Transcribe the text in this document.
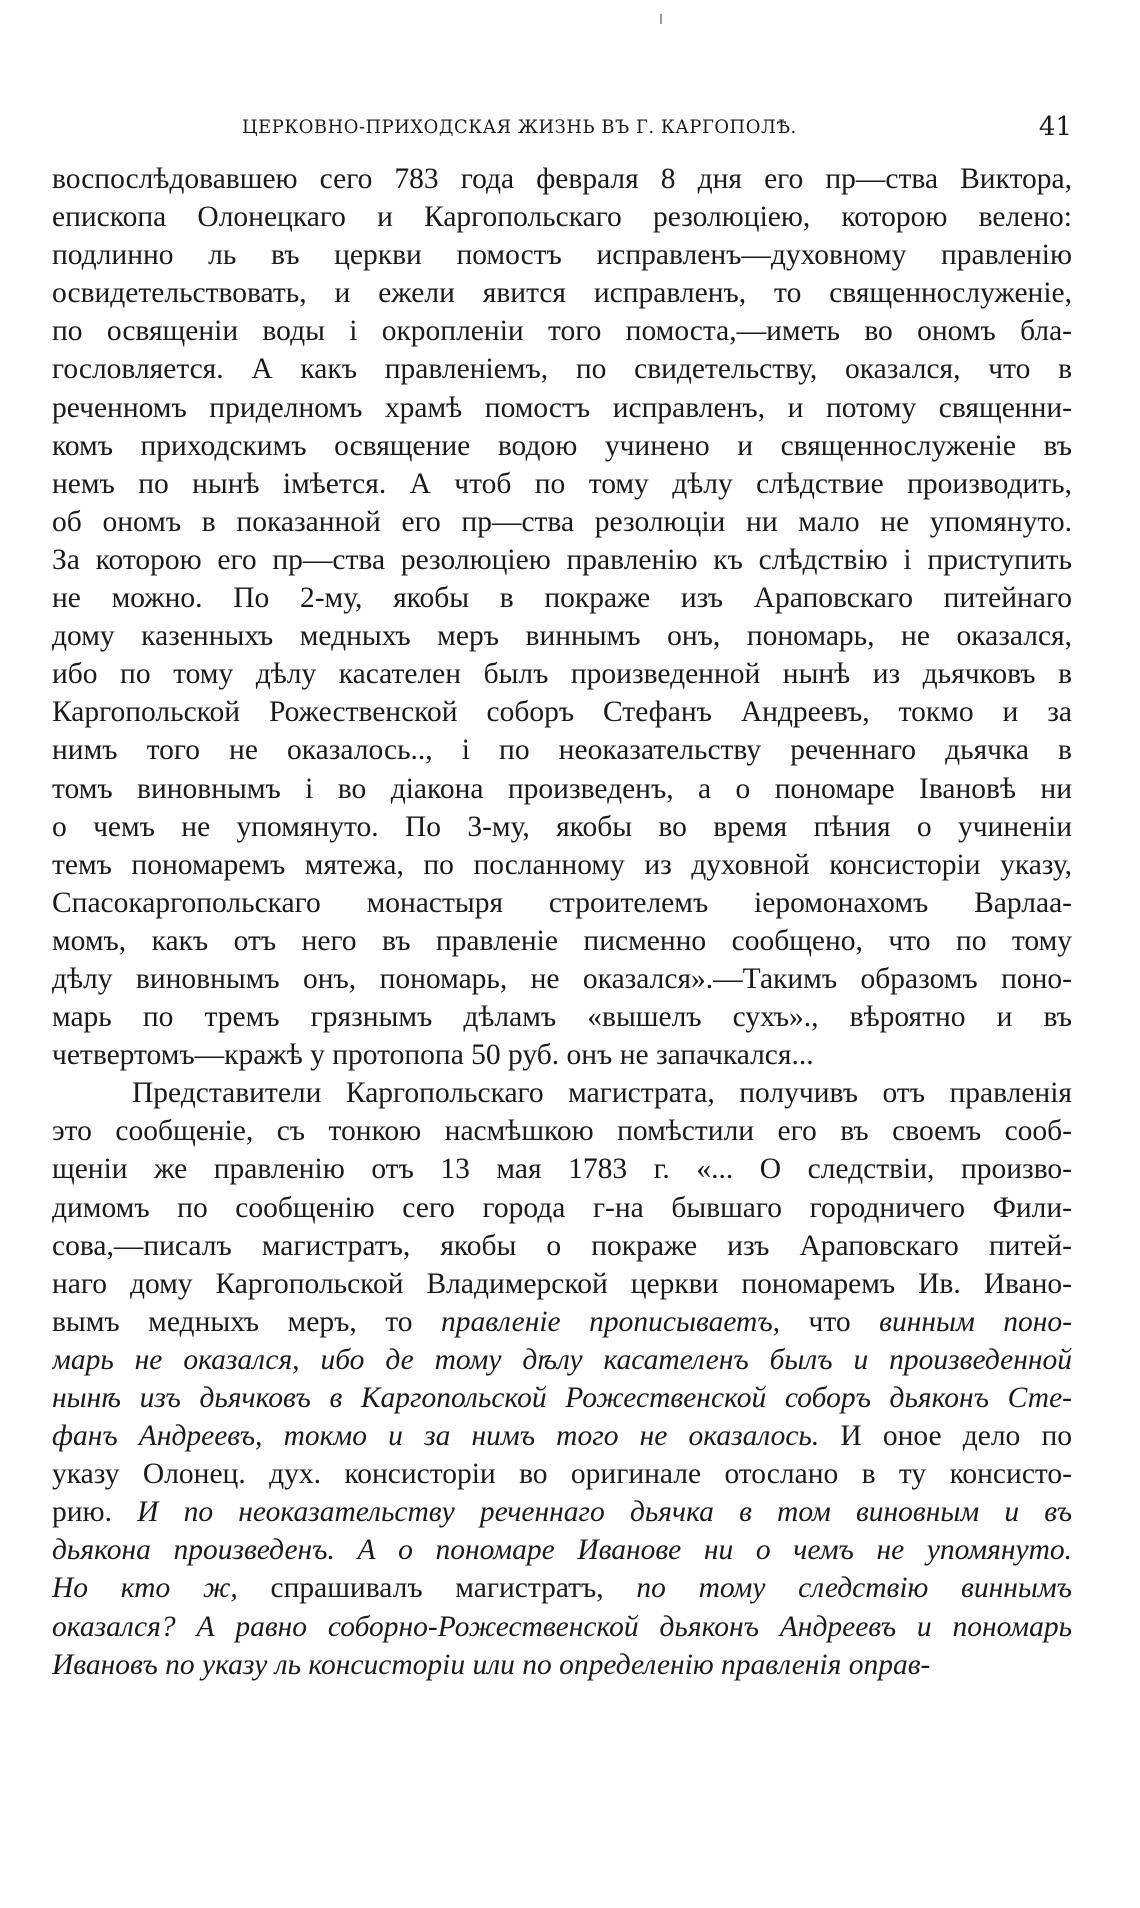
ЦЕРКОВНО-ПРИХОДСКАЯ ЖИЗНЬ ВЪ Г. КАРГОПОЛѢ.	41
воспослѣдовавшею сего 783 года февраля 8 дня его пр—ства Виктора,
епископа Олонецкаго и Каргопольскаго резолюціею, которою велено:
подлинно ль въ церкви помостъ исправленъ—духовному правленію
освидетельствовать, и ежели явится исправленъ, то священнослуженіе,
по освященіи воды і окропленіи того помоста,—иметь во ономъ бла-
гословляется. А какъ правленіемъ, по свидетельству, оказался, что в
реченномъ приделномъ храмѣ помостъ исправленъ, и потому священни-
комъ приходскимъ освящение водою учинено и священнослуженіе въ
немъ по нынѣ імѣется. А чтоб по тому дѣлу слѣдствие производить,
об ономъ в показанной его пр—ства резолюціи ни мало не упомянуто.
За которою его пр—ства резолюціею правленію къ слѣдствію і приступить
не можно. По 2-му, якобы в покраже изъ Араповскаго питейнаго
дому казенныхъ медныхъ меръ виннымъ онъ, пономарь, не оказался,
ибо по тому дѣлу касателен былъ произведенной нынѣ из дьячковъ в
Каргопольской Рожественской соборъ Стефанъ Андреевъ, токмо и за
нимъ того не оказалось.., і по неоказательству реченнаго дьячка в
томъ виновнымъ і во діакона произведенъ, а о пономаре Івановѣ ни
о чемъ не упомянуто. По 3-му, якобы во время пѣния о учиненіи
темъ пономаремъ мятежа, по посланному из духовной консисторіи указу,
Спасокаргопольскаго монастыря строителемъ іеромонахомъ Варлаа-
момъ, какъ отъ него въ правленіе писменно сообщено, что по тому
дѣлу виновнымъ онъ, пономарь, не оказался».—Такимъ образомъ поно-
марь по тремъ грязнымъ дѣламъ «вышелъ сухъ»., вѣроятно и въ
четвертомъ—кражѣ у протопопа 50 руб. онъ не запачкался...
Представители Каргопольскаго магистрата, получивъ отъ правленія
это сообщеніе, съ тонкою насмѣшкою помѣстили его въ своемъ сооб-
щеніи же правленію отъ 13 мая 1783 г. «... О следствіи, произво-
димомъ по сообщенію сего города г-на бывшаго городничего Фили-
сова,—писалъ магистратъ, якобы о покраже изъ Араповскаго питей-
наго дому Каргопольской Владимерской церкви пономаремъ Ив. Ивано-
вымъ медныхъ меръ, то правленіе прописываетъ, что винным поно-
марь не оказался, ибо де тому дѣлу касателенъ былъ и произведенной
нынѣ изъ дьячковъ в Каргопольской Рожественской соборъ дьяконъ Сте-
фанъ Андреевъ, токмо и за нимъ того не оказалось. И оное дело по
указу Олонец. дух. консисторіи во оригинале отослано в ту консисто-
рию. И по неоказательству реченнаго дьячка в том виновным и въ
дьякона произведенъ. А о пономаре Иванове ни о чемъ не упомянуто.
Но кто ж, спрашивалъ магистратъ, по тому следствію виннымъ
оказался? А равно соборно-Рожественской дьяконъ Андреевъ и пономарь
Ивановъ по указу ль консисторіи или по определенію правленія оправ-
